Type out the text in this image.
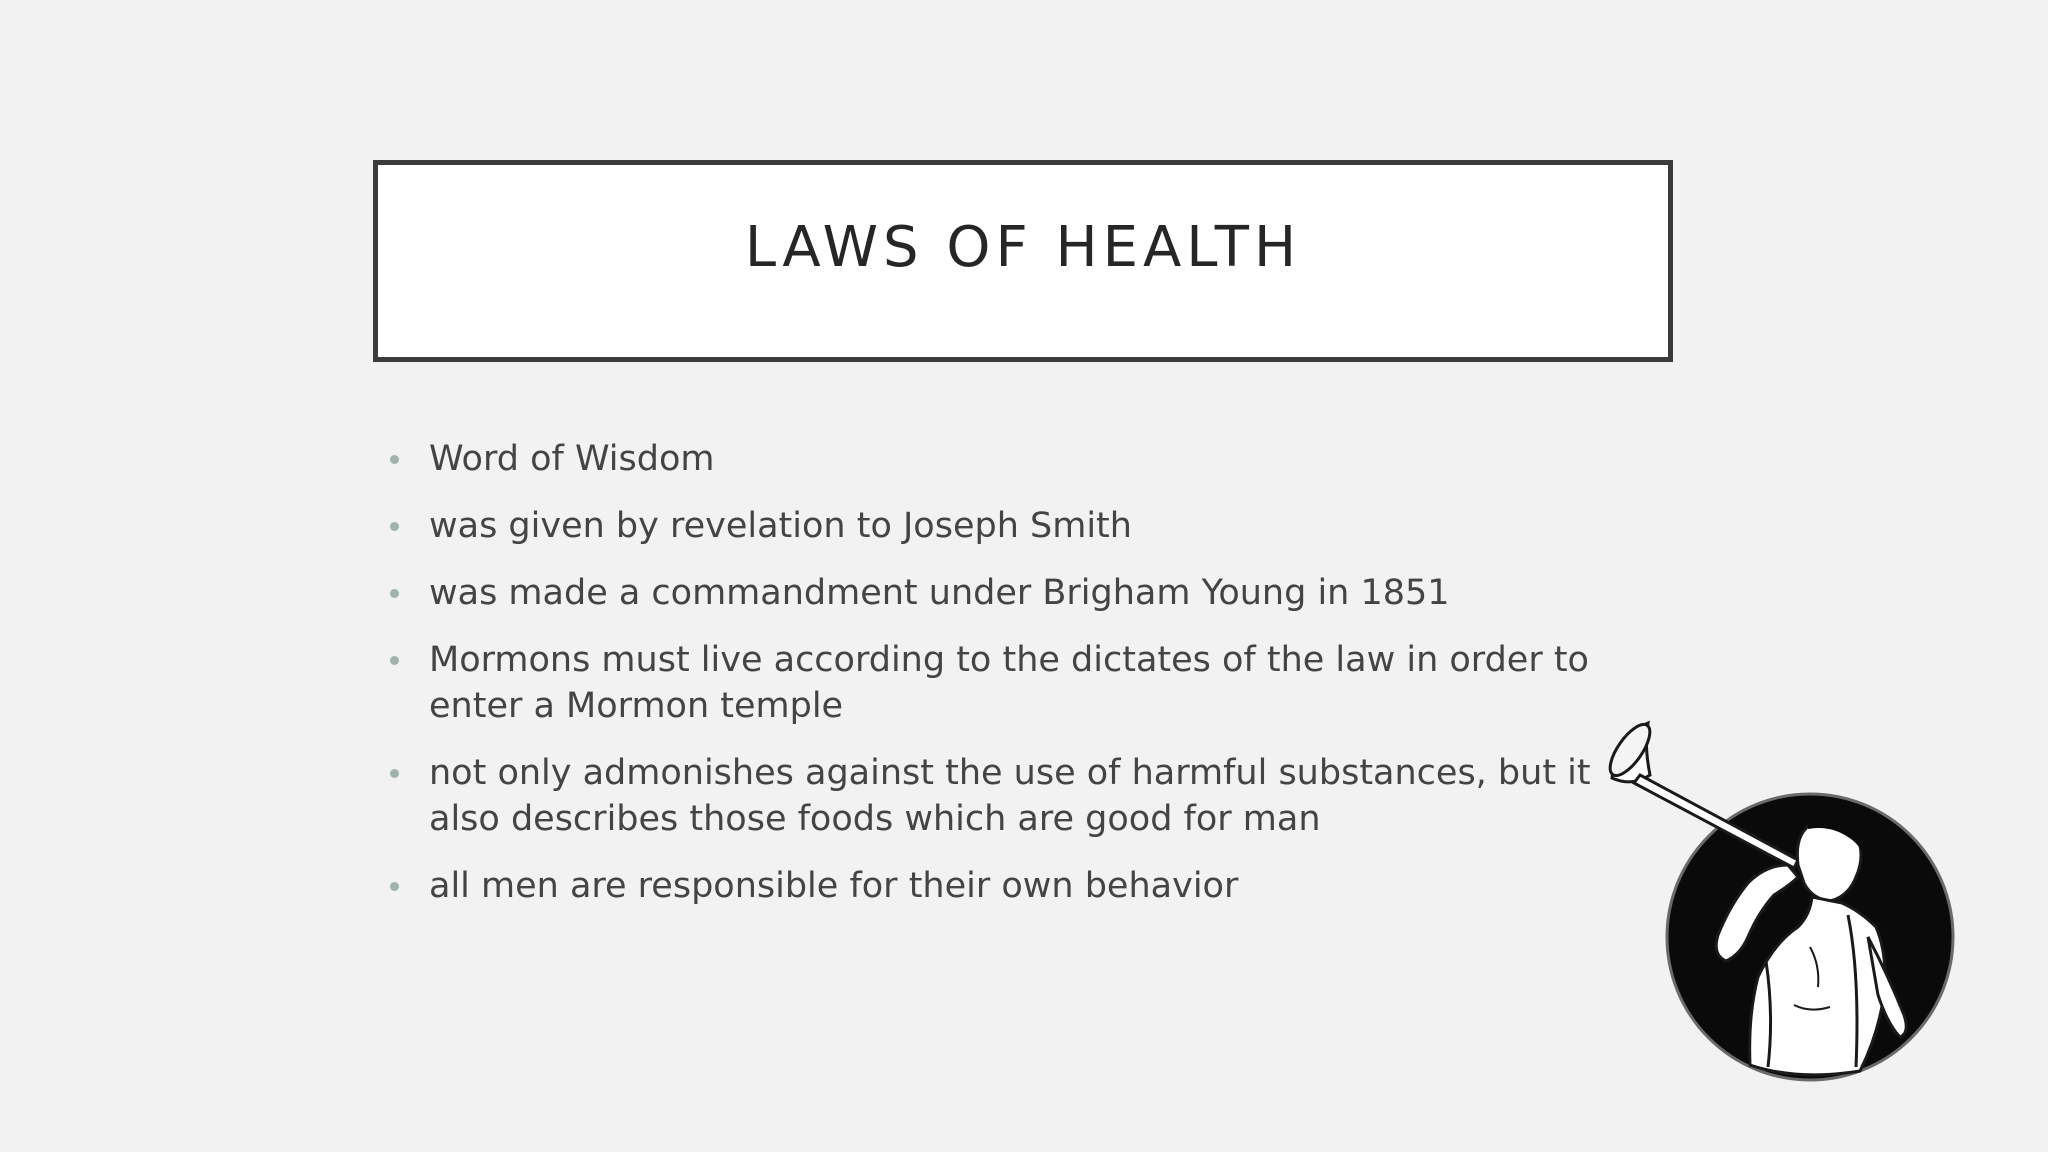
LAWS OF HEALTH
Word of Wisdom
was given by revelation to Joseph Smith
was made a commandment under Brigham Young in 1851
Mormons must live according to the dictates of the law in order to enter a Mormon temple
not only admonishes against the use of harmful substances, but it also describes those foods which are good for man
all men are responsible for their own behavior
